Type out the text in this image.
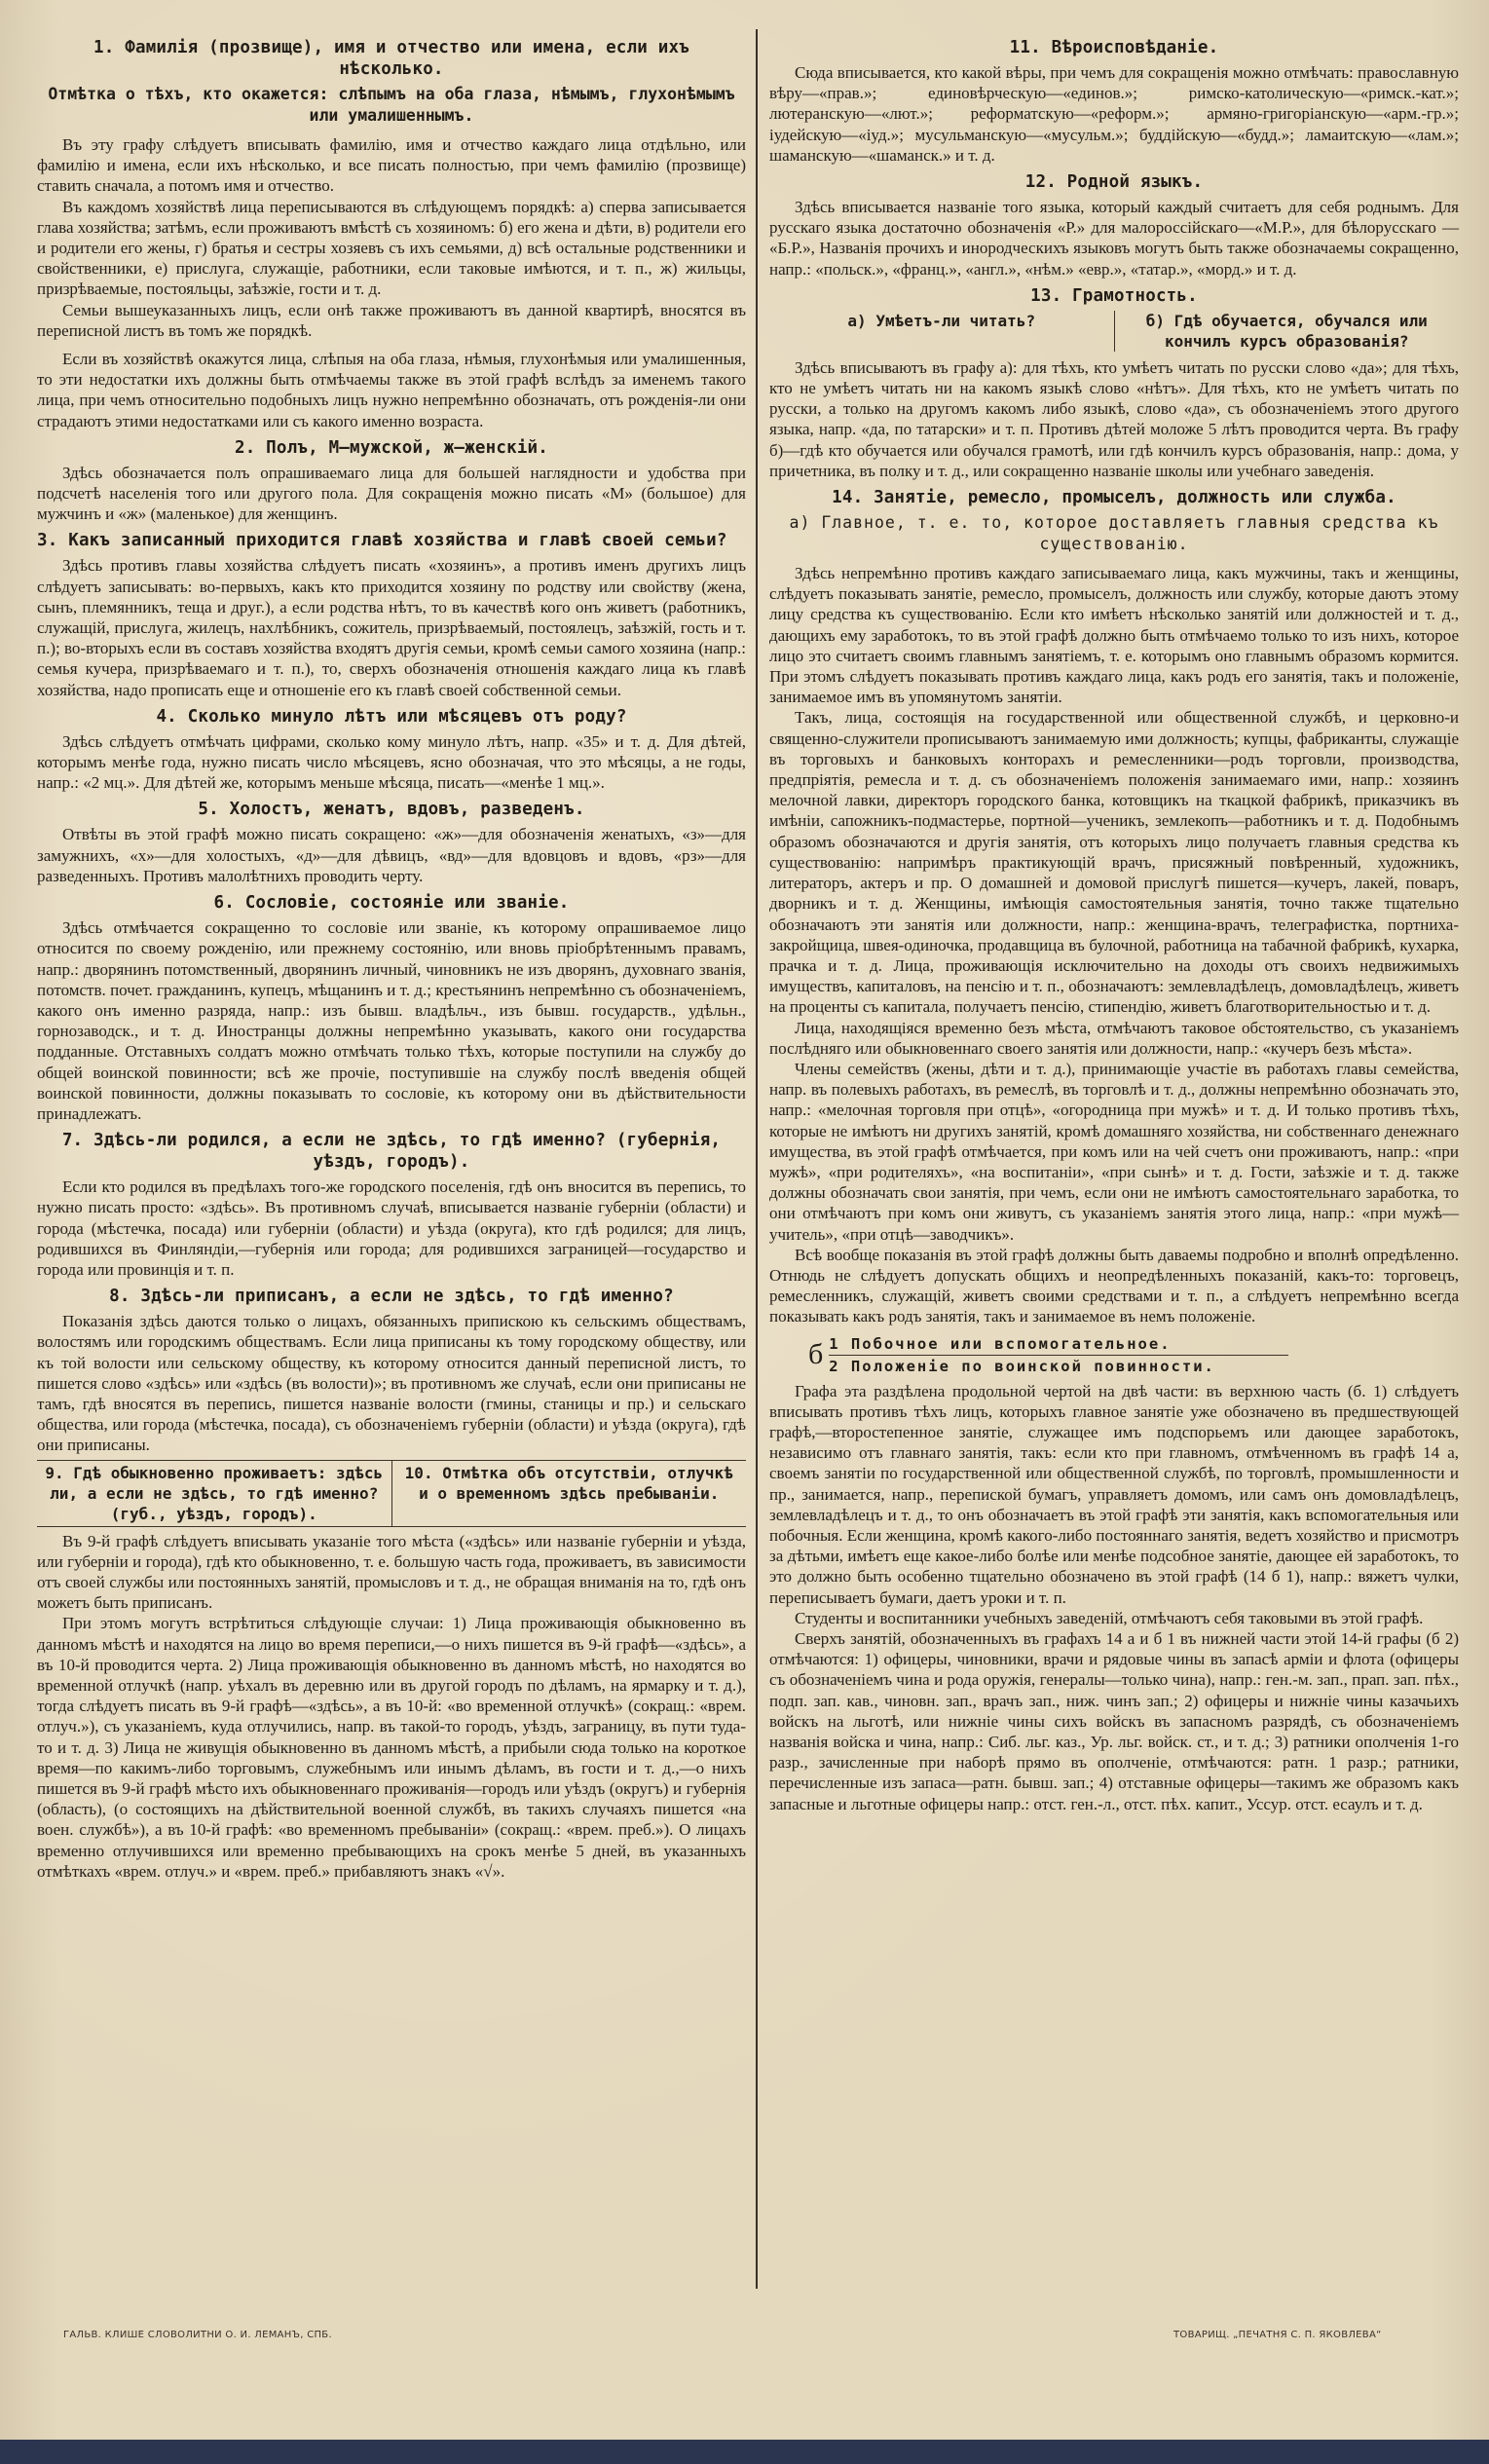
1. Фамилія (прозвище), имя и отчество или имена, если ихъ нѣсколько.
Отмѣтка о тѣхъ, кто окажется: слѣпымъ на оба глаза, нѣмымъ, глухонѣмымъ или умалишеннымъ.

Въ эту графу слѣдуетъ вписывать фамилію, имя и отчество каждаго лица отдѣльно, или фамилію и имена, если ихъ нѣсколько, и все писать полностью, при чемъ фамилію (прозвище) ставить сначала, а потомъ имя и отчество.

Въ каждомъ хозяйствѣ лица переписываются въ слѣдующемъ порядкѣ: а) сперва записывается глава хозяйства; затѣмъ, если проживаютъ вмѣстѣ съ хозяиномъ: б) его жена и дѣти, в) родители его и родители его жены, г) братья и сестры хозяевъ съ ихъ семьями, д) всѣ остальные родственники и свойственники, е) прислуга, служащіе, работники, если таковые имѣются, и т. п., ж) жильцы, призрѣваемые, постояльцы, заѣзжіе, гости и т. д.

Семьи вышеуказанныхъ лицъ, если онѣ также проживаютъ въ данной квартирѣ, вносятся въ переписной листъ въ томъ же порядкѣ.

Если въ хозяйствѣ окажутся лица, слѣпыя на оба глаза, нѣмыя, глухонѣмыя или умалишенныя, то эти недостатки ихъ должны быть отмѣчаемы также въ этой графѣ вслѣдъ за именемъ такого лица, при чемъ относительно подобныхъ лицъ нужно непремѣнно обозначать, отъ рожденія-ли они страдаютъ этими недостатками или съ какого именно возраста.

2. Полъ, М—мужской, ж—женскій.

Здѣсь обозначается полъ опрашиваемаго лица для большей наглядности и удобства при подсчетѣ населенія того или другого пола. Для сокращенія можно писать «М» (большое) для мужчинъ и «ж» (маленькое) для женщинъ.

3. Какъ записанный приходится главѣ хозяйства и главѣ своей семьи?

Здѣсь противъ главы хозяйства слѣдуетъ писать «хозяинъ», а противъ именъ другихъ лицъ слѣдуетъ записывать: во-первыхъ, какъ кто приходится хозяину по родству или свойству (жена, сынъ, племянникъ, теща и друг.), а если родства нѣтъ, то въ качествѣ кого онъ живетъ (работникъ, служащій, прислуга, жилецъ, нахлѣбникъ, сожитель, призрѣваемый, постоялецъ, заѣзжій, гость и т. п.); во-вторыхъ если въ составъ хозяйства входятъ другія семьи, кромѣ семьи самого хозяина (напр.: семья кучера, призрѣваемаго и т. п.), то, сверхъ обозначенія отношенія каждаго лица къ главѣ хозяйства, надо прописать еще и отношеніе его къ главѣ своей собственной семьи.

4. Сколько минуло лѣтъ или мѣсяцевъ отъ роду?

Здѣсь слѣдуетъ отмѣчать цифрами, сколько кому минуло лѣтъ, напр. «35» и т. д. Для дѣтей, которымъ менѣе года, нужно писать число мѣсяцевъ, ясно обозначая, что это мѣсяцы, а не годы, напр.: «2 мц.». Для дѣтей же, которымъ меньше мѣсяца, писать—«менѣе 1 мц.».

5. Холостъ, женатъ, вдовъ, разведенъ.

Отвѣты въ этой графѣ можно писать сокращено: «ж»—для обозначенія женатыхъ, «з»—для замужнихъ, «х»—для холостыхъ, «д»—для дѣвицъ, «вд»—для вдовцовъ и вдовъ, «рз»—для разведенныхъ. Противъ малолѣтнихъ проводить черту.

6. Сословіе, состояніе или званіе.

Здѣсь отмѣчается сокращенно то сословіе или званіе, къ которому опрашиваемое лицо относится по своему рожденію, или прежнему состоянію, или вновь пріобрѣтеннымъ правамъ, напр.: дворянинъ потомственный, дворянинъ личный, чиновникъ не изъ дворянъ, духовнаго званія, потомств. почет. гражданинъ, купецъ, мѣщанинъ и т. д.; крестьянинъ непремѣнно съ обозначеніемъ, какого онъ именно разряда, напр.: изъ бывш. владѣльч., изъ бывш. государств., удѣльн., горнозаводск., и т. д. Иностранцы должны непремѣнно указывать, какого они государства подданные. Отставныхъ солдатъ можно отмѣчать только тѣхъ, которые поступили на службу до общей воинской повинности; всѣ же прочіе, поступившіе на службу послѣ введенія общей воинской повинности, должны показывать то сословіе, къ которому они въ дѣйствительности принадлежатъ.

7. Здѣсь-ли родился, а если не здѣсь, то гдѣ именно? (губернія, уѣздъ, городъ).

Если кто родился въ предѣлахъ того-же городского поселенія, гдѣ онъ вносится въ перепись, то нужно писать просто: «здѣсь». Въ противномъ случаѣ, вписывается названіе губерніи (области) и города (мѣстечка, посада) или губерніи (области) и уѣзда (округа), кто гдѣ родился; для лицъ, родившихся въ Финляндіи,—губернія или города; для родившихся заграницей—государство и города или провинція и т. п.

8. Здѣсь-ли приписанъ, а если не здѣсь, то гдѣ именно?

Показанія здѣсь даются только о лицахъ, обязанныхъ припискою къ сельскимъ обществамъ, волостямъ или городскимъ обществамъ. Если лица приписаны къ тому городскому обществу, или къ той волости или сельскому обществу, къ которому относится данный переписной листъ, то пишется слово «здѣсь» или «здѣсь (въ волости)»; въ противномъ же случаѣ, если они приписаны не тамъ, гдѣ вносятся въ перепись, пишется названіе волости (гмины, станицы и пр.) и сельскаго общества, или города (мѣстечка, посада), съ обозначеніемъ губерніи (области) и уѣзда (округа), гдѣ они приписаны.

9. Гдѣ обыкновенно проживаетъ: здѣсь ли, а если не здѣсь, то гдѣ именно? (губ., уѣздъ, городъ).
10. Отмѣтка объ отсутствіи, отлучкѣ и о временномъ здѣсь пребываніи.

Въ 9-й графѣ слѣдуетъ вписывать указаніе того мѣста («здѣсь» или названіе губерніи и уѣзда, или губерніи и города), гдѣ кто обыкновенно, т. е. большую часть года, проживаетъ, въ зависимости отъ своей службы или постоянныхъ занятій, промысловъ и т. д., не обращая вниманія на то, гдѣ онъ можетъ быть приписанъ.

При этомъ могутъ встрѣтиться слѣдующіе случаи: 1) Лица проживающія обыкновенно въ данномъ мѣстѣ и находятся на лицо во время переписи,—о нихъ пишется въ 9-й графѣ—«здѣсь», а въ 10-й проводится черта. 2) Лица проживающія обыкновенно въ данномъ мѣстѣ, но находятся во временной отлучкѣ (напр. уѣхалъ въ деревню или въ другой городъ по дѣламъ, на ярмарку и т. д.), тогда слѣдуетъ писать въ 9-й графѣ—«здѣсь», а въ 10-й: «во временной отлучкѣ» (сокращ.: «врем. отлуч.»), съ указаніемъ, куда отлучились, напр. въ такой-то городъ, уѣздъ, заграницу, въ пути туда-то и т. д. 3) Лица не живущія обыкновенно въ данномъ мѣстѣ, а прибыли сюда только на короткое время—по какимъ-либо торговымъ, служебнымъ или инымъ дѣламъ, въ гости и т. д.,—о нихъ пишется въ 9-й графѣ мѣсто ихъ обыкновеннаго проживанія—городъ или уѣздъ (округъ) и губернія (область), (о состоящихъ на дѣйствительной военной службѣ, въ такихъ случаяхъ пишется «на воен. службѣ»), а въ 10-й графѣ: «во временномъ пребываніи» (сокращ.: «врем. преб.»). О лицахъ временно отлучившихся или временно пребывающихъ на срокъ менѣе 5 дней, въ указанныхъ отмѣткахъ «врем. отлуч.» и «врем. преб.» прибавляютъ знакъ «√».

11. Вѣроисповѣданіе.

Сюда вписывается, кто какой вѣры, при чемъ для сокращенія можно отмѣчать: православную вѣру—«прав.»; единовѣрческую—«единов.»; римско-католическую—«римск.-кат.»; лютеранскую—«лют.»; реформатскую—«реформ.»; армяно-григоріанскую—«арм.-гр.»; іудейскую—«іуд.»; мусульманскую—«мусульм.»; буддійскую—«будд.»; ламаитскую—«лам.»; шаманскую—«шаманск.» и т. д.

12. Родной языкъ.

Здѣсь вписывается названіе того языка, который каждый считаетъ для себя роднымъ. Для русскаго языка достаточно обозначенія «Р.» для малороссійскаго—«М.Р.», для бѣлорусскаго — «Б.Р.», Названія прочихъ и инородческихъ языковъ могутъ быть также обозначаемы сокращенно, напр.: «польск.», «франц.», «англ.», «нѣм.» «евр.», «татар.», «морд.» и т. д.

13. Грамотность.
а) Умѣетъ-ли читать?	б) Гдѣ обучается, обучался или кончилъ курсъ образованія?

Здѣсь вписываютъ въ графу а): для тѣхъ, кто умѣетъ читать по русски слово «да»; для тѣхъ, кто не умѣетъ читать ни на какомъ языкѣ слово «нѣтъ». Для тѣхъ, кто не умѣетъ читать по русски, а только на другомъ какомъ либо языкѣ, слово «да», съ обозначеніемъ этого другого языка, напр. «да, по татарски» и т. п. Противъ дѣтей моложе 5 лѣтъ проводится черта. Въ графу б)—гдѣ кто обучается или обучался грамотѣ, или гдѣ кончилъ курсъ образованія, напр.: дома, у причетника, въ полку и т. д., или сокращенно названіе школы или учебнаго заведенія.

14. Занятіе, ремесло, промыселъ, должность или служба.
а) Главное, т. е. то, которое доставляетъ главныя средства къ существованію.

Здѣсь непремѣнно противъ каждаго записываемаго лица, какъ мужчины, такъ и женщины, слѣдуетъ показывать занятіе, ремесло, промыселъ, должность или службу, которые даютъ этому лицу средства къ существованію. Если кто имѣетъ нѣсколько занятій или должностей и т. д., дающихъ ему заработокъ, то въ этой графѣ должно быть отмѣчаемо только то изъ нихъ, которое лицо это считаетъ своимъ главнымъ занятіемъ, т. е. которымъ оно главнымъ образомъ кормится. При этомъ слѣдуетъ показывать противъ каждаго лица, какъ родъ его занятія, такъ и положеніе, занимаемое имъ въ упомянутомъ занятіи.

Такъ, лица, состоящія на государственной или общественной службѣ, и церковно-и священно-служители прописываютъ занимаемую ими должность; купцы, фабриканты, служащіе въ торговыхъ и банковыхъ конторахъ и ремесленники—родъ торговли, производства, предпріятія, ремесла и т. д. съ обозначеніемъ положенія занимаемаго ими, напр.: хозяинъ мелочной лавки, директоръ городского банка, котовщикъ на ткацкой фабрикѣ, приказчикъ въ имѣніи, сапожникъ-подмастерье, портной—ученикъ, землекопъ—работникъ и т. д. Подобнымъ образомъ обозначаются и другія занятія, отъ которыхъ лицо получаетъ главныя средства къ существованію: напримѣръ практикующій врачъ, присяжный повѣренный, художникъ, литераторъ, актеръ и пр. О домашней и домовой прислугѣ пишется—кучеръ, лакей, поваръ, дворникъ и т. д. Женщины, имѣющія самостоятельныя занятія, точно также тщательно обозначаютъ эти занятія или должности, напр.: женщина-врачъ, телеграфистка, портниха-закройщица, швея-одиночка, продавщица въ булочной, работница на табачной фабрикѣ, кухарка, прачка и т. д. Лица, проживающія исключительно на доходы отъ своихъ недвижимыхъ имуществъ, капиталовъ, на пенсію и т. п., обозначаютъ: землевладѣлецъ, домовладѣлецъ, живетъ на проценты съ капитала, получаетъ пенсію, стипендію, живетъ благотворительностью и т. д.

Лица, находящіяся временно безъ мѣста, отмѣчаютъ таковое обстоятельство, съ указаніемъ послѣдняго или обыкновеннаго своего занятія или должности, напр.: «кучеръ безъ мѣста».

Члены семействъ (жены, дѣти и т. д.), принимающіе участіе въ работахъ главы семейства, напр. въ полевыхъ работахъ, въ ремеслѣ, въ торговлѣ и т. д., должны непремѣнно обозначать это, напр.: «мелочная торговля при отцѣ», «огородница при мужѣ» и т. д. И только противъ тѣхъ, которые не имѣютъ ни другихъ занятій, кромѣ домашняго хозяйства, ни собственнаго денежнаго имущества, въ этой графѣ отмѣчается, при комъ или на чей счетъ они проживаютъ, напр.: «при мужѣ», «при родителяхъ», «на воспитаніи», «при сынѣ» и т. д. Гости, заѣзжіе и т. д. также должны обозначать свои занятія, при чемъ, если они не имѣютъ самостоятельнаго заработка, то они отмѣчаютъ при комъ они живутъ, съ указаніемъ занятія этого лица, напр.: «при мужѣ—учитель», «при отцѣ—заводчикъ».

Всѣ вообще показанія въ этой графѣ должны быть даваемы подробно и вполнѣ опредѣленно. Отнюдь не слѣдуетъ допускать общихъ и неопредѣленныхъ показаній, какъ-то: торговецъ, ремесленникъ, служащій, живетъ своими средствами и т. п., а слѣдуетъ непремѣнно всегда показывать какъ родъ занятія, такъ и занимаемое въ немъ положеніе.

б 1 Побочное или вспомогательное.
2 Положеніе по воинской повинности.

Графа эта раздѣлена продольной чертой на двѣ части: въ верхнюю часть (б. 1) слѣдуетъ вписывать противъ тѣхъ лицъ, которыхъ главное занятіе уже обозначено въ предшествующей графѣ,—второстепенное занятіе, служащее имъ подспорьемъ или дающее заработокъ, независимо отъ главнаго занятія, такъ: если кто при главномъ, отмѣченномъ въ графѣ 14 а, своемъ занятіи по государственной или общественной службѣ, по торговлѣ, промышленности и пр., занимается, напр., перепиской бумагъ, управляетъ домомъ, или самъ онъ домовладѣлецъ, землевладѣлецъ и т. д., то онъ обозначаетъ въ этой графѣ эти занятія, какъ вспомогательныя или побочныя. Если женщина, кромѣ какого-либо постояннаго занятія, ведетъ хозяйство и присмотръ за дѣтьми, имѣетъ еще какое-либо болѣе или менѣе подсобное занятіе, дающее ей заработокъ, то это должно быть особенно тщательно обозначено въ этой графѣ (14 б 1), напр.: вяжетъ чулки, переписываетъ бумаги, даетъ уроки и т. п.

Студенты и воспитанники учебныхъ заведеній, отмѣчаютъ себя таковыми въ этой графѣ.

Сверхъ занятій, обозначенныхъ въ графахъ 14 а и б 1 въ нижней части этой 14-й графы (б 2) отмѣчаются: 1) офицеры, чиновники, врачи и рядовые чины въ запасѣ арміи и флота (офицеры съ обозначеніемъ чина и рода оружія, генералы—только чина), напр.: ген.-м. зап., прап. зап. пѣх., подп. зап. кав., чиновн. зап., врачъ зап., ниж. чинъ зап.; 2) офицеры и нижніе чины казачьихъ войскъ на льготѣ, или нижніе чины сихъ войскъ въ запасномъ разрядѣ, съ обозначеніемъ названія войска и чина, напр.: Сиб. льг. каз., Ур. льг. войск. ст., и т. д.; 3) ратники ополченія 1-го разр., зачисленные при наборѣ прямо въ ополченіе, отмѣчаются: ратн. 1 разр.; ратники, перечисленные изъ запаса—ратн. бывш. зап.; 4) отставные офицеры—такимъ же образомъ какъ запасные и льготные офицеры напр.: отст. ген.-л., отст. пѣх. капит., Уссур. отст. есаулъ и т. д.

ГАЛЬВ. КЛИШЕ СЛОВОЛИТНИ О. И. ЛЕМАНЪ, СПБ.	ТОВАРИЩ. „ПЕЧАТНЯ С. П. ЯКОВЛЕВА“
